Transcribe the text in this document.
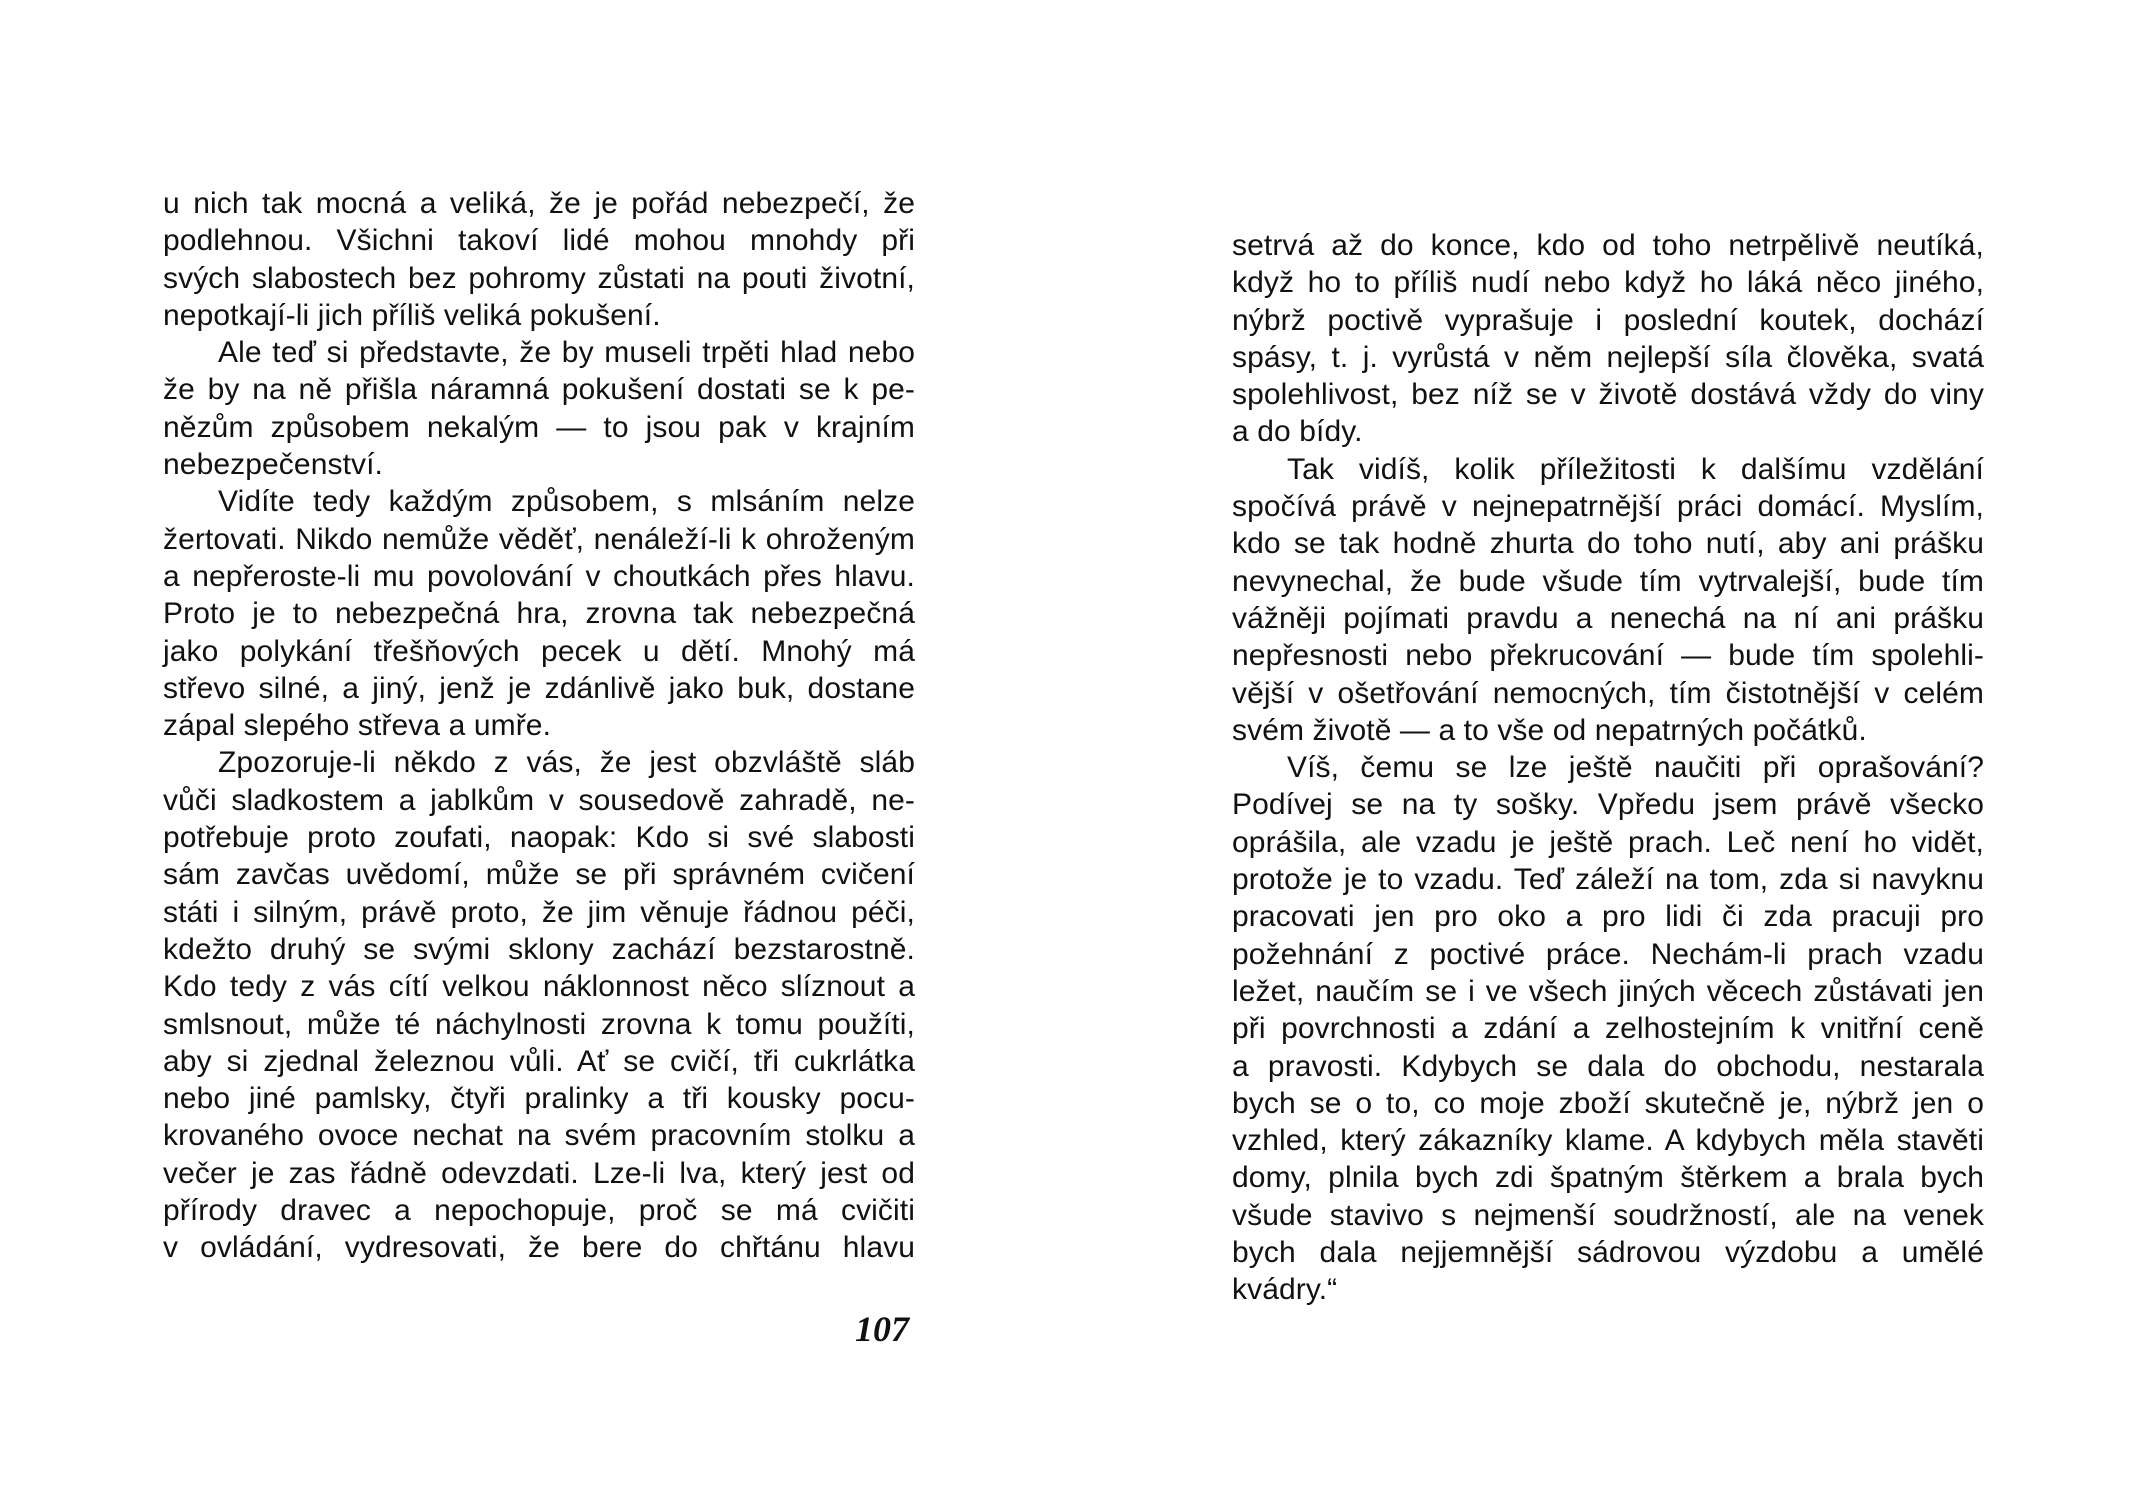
u nich tak mocná a veliká, že je pořád nebezpečí, že
podlehnou. Všichni takoví lidé mohou mnohdy při
svých slabostech bez pohromy zůstati na pouti životní,
nepotkají-li jich příliš veliká pokušení.
Ale teď si představte, že by museli trpěti hlad nebo
že by na ně přišla náramná pokušení dostati se k pe-
nězům způsobem nekalým — to jsou pak v krajním
nebezpečenství.
Vidíte tedy každým způsobem, s mlsáním nelze
žertovati. Nikdo nemůže věděť, nenáleží-li k ohroženým
a nepřeroste-li mu povolování v choutkách přes hlavu.
Proto je to nebezpečná hra, zrovna tak nebezpečná
jako polykání třešňových pecek u dětí. Mnohý má
střevo silné, a jiný, jenž je zdánlivě jako buk, dostane
zápal slepého střeva a umře.
Zpozoruje-li někdo z vás, že jest obzvláště sláb
vůči sladkostem a jablkům v sousedově zahradě, ne-
potřebuje proto zoufati, naopak: Kdo si své slabosti
sám zavčas uvědomí, může se při správném cvičení
státi i silným, právě proto, že jim věnuje řádnou péči,
kdežto druhý se svými sklony zachází bezstarostně.
Kdo tedy z vás cítí velkou náklonnost něco slíznout a
smlsnout, může té náchylnosti zrovna k tomu použíti,
aby si zjednal železnou vůli. Ať se cvičí, tři cukrlátka
nebo jiné pamlsky, čtyři pralinky a tři kousky pocu-
krovaného ovoce nechat na svém pracovním stolku a
večer je zas řádně odevzdati. Lze-li lva, který jest od
přírody dravec a nepochopuje, proč se má cvičiti
v ovládání, vydresovati, že bere do chřtánu hlavu
107
setrvá až do konce, kdo od toho netrpělivě neutíká,
když ho to příliš nudí nebo když ho láká něco jiného,
nýbrž poctivě vyprašuje i poslední koutek, dochází
spásy, t. j. vyrůstá v něm nejlepší síla člověka, svatá
spolehlivost, bez níž se v životě dostává vždy do viny
a do bídy.
Tak vidíš, kolik příležitosti k dalšímu vzdělání
spočívá právě v nejnepatrnější práci domácí. Myslím,
kdo se tak hodně zhurta do toho nutí, aby ani prášku
nevynechal, že bude všude tím vytrvalejší, bude tím
vážněji pojímati pravdu a nenechá na ní ani prášku
nepřesnosti nebo překrucování — bude tím spolehli-
vější v ošetřování nemocných, tím čistotnější v celém
svém životě — a to vše od nepatrných počátků.
Víš, čemu se lze ještě naučiti při oprašování?
Podívej se na ty sošky. Vpředu jsem právě všecko
oprášila, ale vzadu je ještě prach. Leč není ho vidět,
protože je to vzadu. Teď záleží na tom, zda si navyknu
pracovati jen pro oko a pro lidi či zda pracuji pro
požehnání z poctivé práce. Nechám-li prach vzadu
ležet, naučím se i ve všech jiných věcech zůstávati jen
při povrchnosti a zdání a zelhostejním k vnitřní ceně
a pravosti. Kdybych se dala do obchodu, nestarala
bych se o to, co moje zboží skutečně je, nýbrž jen o
vzhled, který zákazníky klame. A kdybych měla stavěti
domy, plnila bych zdi špatným štěrkem a brala bych
všude stavivo s nejmenší soudržností, ale na venek
bych dala nejjemnější sádrovou výzdobu a umělé
kvádry.“
